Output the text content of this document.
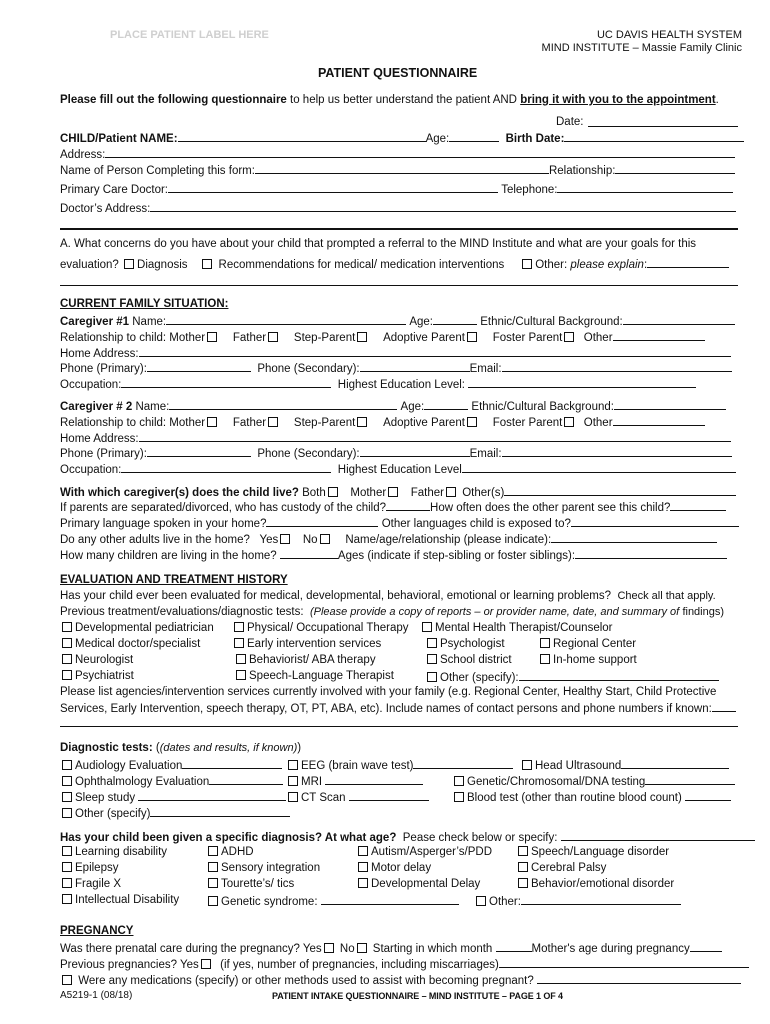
PLACE PATIENT LABEL HERE	UC DAVIS HEALTH SYSTEM
MIND INSTITUTE – Massie Family Clinic
PATIENT QUESTIONNAIRE
Please fill out the following questionnaire to help us better understand the patient AND bring it with you to the appointment.
Date:
CHILD/Patient NAME:	Age:	Birth Date:
Address:
Name of Person Completing this form:	Relationship:
Primary Care Doctor:	Telephone:
Doctor’s Address:
A. What concerns do you have about your child that prompted a referral to the MIND Institute and what are your goals for this
evaluation? Diagnosis	Recommendations for medical/ medication interventions	Other: please explain:
CURRENT FAMILY SITUATION:
Caregiver #1 Name:	Age:	Ethnic/Cultural Background:
Relationship to child: Mother Father Step-Parent Adoptive Parent Foster Parent Other
Home Address:
Phone (Primary):	Phone (Secondary):	Email:
Occupation:	Highest Education Level:
Caregiver # 2 Name:	Age:	Ethnic/Cultural Background:
Relationship to child: Mother Father Step-Parent Adoptive Parent Foster Parent Other
Home Address:
Phone (Primary):	Phone (Secondary):	Email:
Occupation:	Highest Education Level
With which caregiver(s) does the child live? Both Mother Father Other(s)
If parents are separated/divorced, who has custody of the child?	How often does the other parent see this child?
Primary language spoken in your home?	Other languages child is exposed to?
Do any other adults live in the home? Yes No Name/age/relationship (please indicate):
How many children are living in the home?	Ages (indicate if step-sibling or foster siblings):
EVALUATION AND TREATMENT HISTORY
Has your child ever been evaluated for medical, developmental, behavioral, emotional or learning problems? Check all that apply.
Previous treatment/evaluations/diagnostic tests: (Please provide a copy of reports – or provider name, date, and summary of findings)
Developmental pediatrician	Physical/ Occupational Therapy	Mental Health Therapist/Counselor
Medical doctor/specialist	Early intervention services	Psychologist	Regional Center
Neurologist	Behaviorist/ ABA therapy	School district	In-home support
Psychiatrist	Speech-Language Therapist	Other (specify):
Please list agencies/intervention services currently involved with your family (e.g. Regional Center, Healthy Start, Child Protective
Services, Early Intervention, speech therapy, OT, PT, ABA, etc). Include names of contact persons and phone numbers if known:
Diagnostic tests: ((dates and results, if known))
Audiology Evaluation	EEG (brain wave test)	Head Ultrasound
Ophthalmology Evaluation	MRI	Genetic/Chromosomal/DNA testing
Sleep study	CT Scan	Blood test (other than routine blood count)
Other (specify)
Has your child been given a specific diagnosis? At what age? Pease check below or specify:
Learning disability	ADHD	Autism/Asperger’s/PDD	Speech/Language disorder
Epilepsy	Sensory integration	Motor delay	Cerebral Palsy
Fragile X	Tourette’s/ tics	Developmental Delay	Behavior/emotional disorder
Intellectual Disability	Genetic syndrome:	Other:
PREGNANCY
Was there prenatal care during the pregnancy? Yes No Starting in which month	Mother's age during pregnancy
Previous pregnancies? Yes (if yes, number of pregnancies, including miscarriages)
Were any medications (specify) or other methods used to assist with becoming pregnant?
A5219-1 (08/18)	PATIENT INTAKE QUESTIONNAIRE – MIND INSTITUTE – PAGE 1 OF 4
